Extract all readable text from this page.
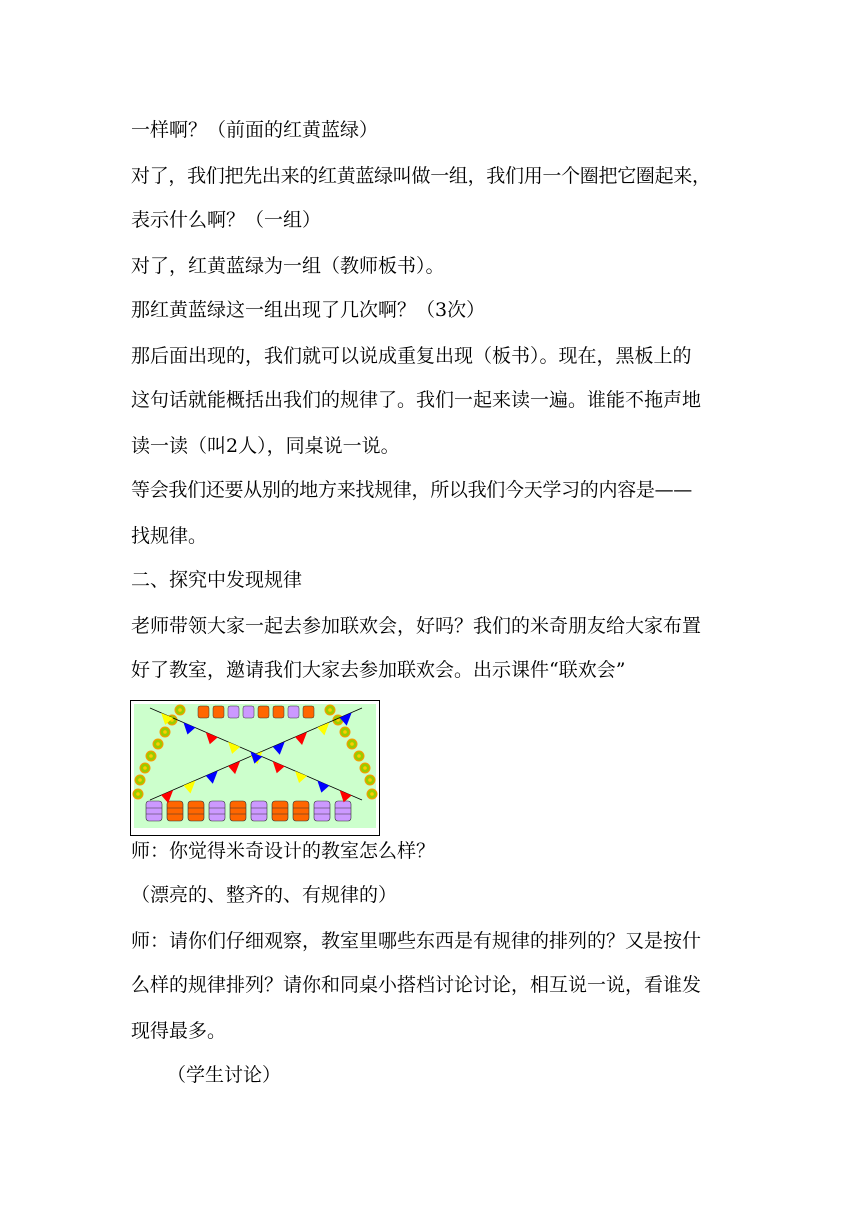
一样啊？（前面的红黄蓝绿）
对了，我们把先出来的红黄蓝绿叫做一组，我们用一个圈把它圈起来，
表示什么啊？（一组）
对了，红黄蓝绿为一组（教师板书）。
那红黄蓝绿这一组出现了几次啊？（3次）
那后面出现的，我们就可以说成重复出现（板书）。现在，黑板上的
这句话就能概括出我们的规律了。我们一起来读一遍。谁能不拖声地
读一读（叫2人），同桌说一说。
等会我们还要从别的地方来找规律，所以我们今天学习的内容是——
找规律。
二、探究中发现规律
老师带领大家一起去参加联欢会，好吗？我们的米奇朋友给大家布置
好了教室，邀请我们大家去参加联欢会。出示课件“联欢会”
师：你觉得米奇设计的教室怎么样？
（漂亮的、整齐的、有规律的）
师：请你们仔细观察，教室里哪些东西是有规律的排列的？又是按什
么样的规律排列？请你和同桌小搭档讨论讨论，相互说一说，看谁发
现得最多。
（学生讨论）
